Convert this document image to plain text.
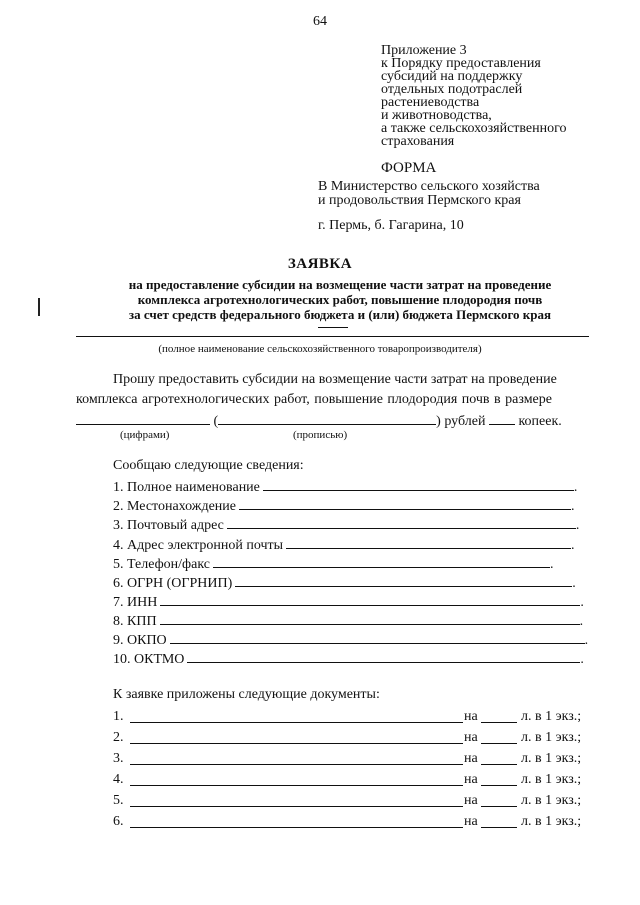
64
Приложение 3
к Порядку предоставления
субсидий на поддержку
отдельных подотраслей
растениеводства
и животноводства,
а также сельскохозяйственного
страхования
ФОРМА
В Министерство сельского хозяйства
и продовольствия Пермского края
г. Пермь, б. Гагарина, 10
ЗАЯВКА
на предоставление субсидии на возмещение части затрат на проведение
комплекса агротехнологических работ, повышение плодородия почв
за счет средств федерального бюджета и (или) бюджета Пермского края
(полное наименование сельскохозяйственного товаропроизводителя)
Прошу предоставить субсидии на возмещение части затрат на проведение
комплекса агротехнологических работ, повышение плодородия почв в размере
(	) рублей копеек.
(цифрами)	(прописью)
Сообщаю следующие сведения:
1. Полное наименование	.
2. Местонахождение	.
3. Почтовый адрес	.
4. Адрес электронной почты	.
5. Телефон/факс	.
6. ОГРН (ОГРНИП)	.
7. ИНН	.
8. КПП	.
9. ОКПО	.
10. ОКТМО	.
К заявке приложены следующие документы:
1.	на	л. в 1 экз.;
2.	на	л. в 1 экз.;
3.	на	л. в 1 экз.;
4.	на	л. в 1 экз.;
5.	на	л. в 1 экз.;
6.	на	л. в 1 экз.;
